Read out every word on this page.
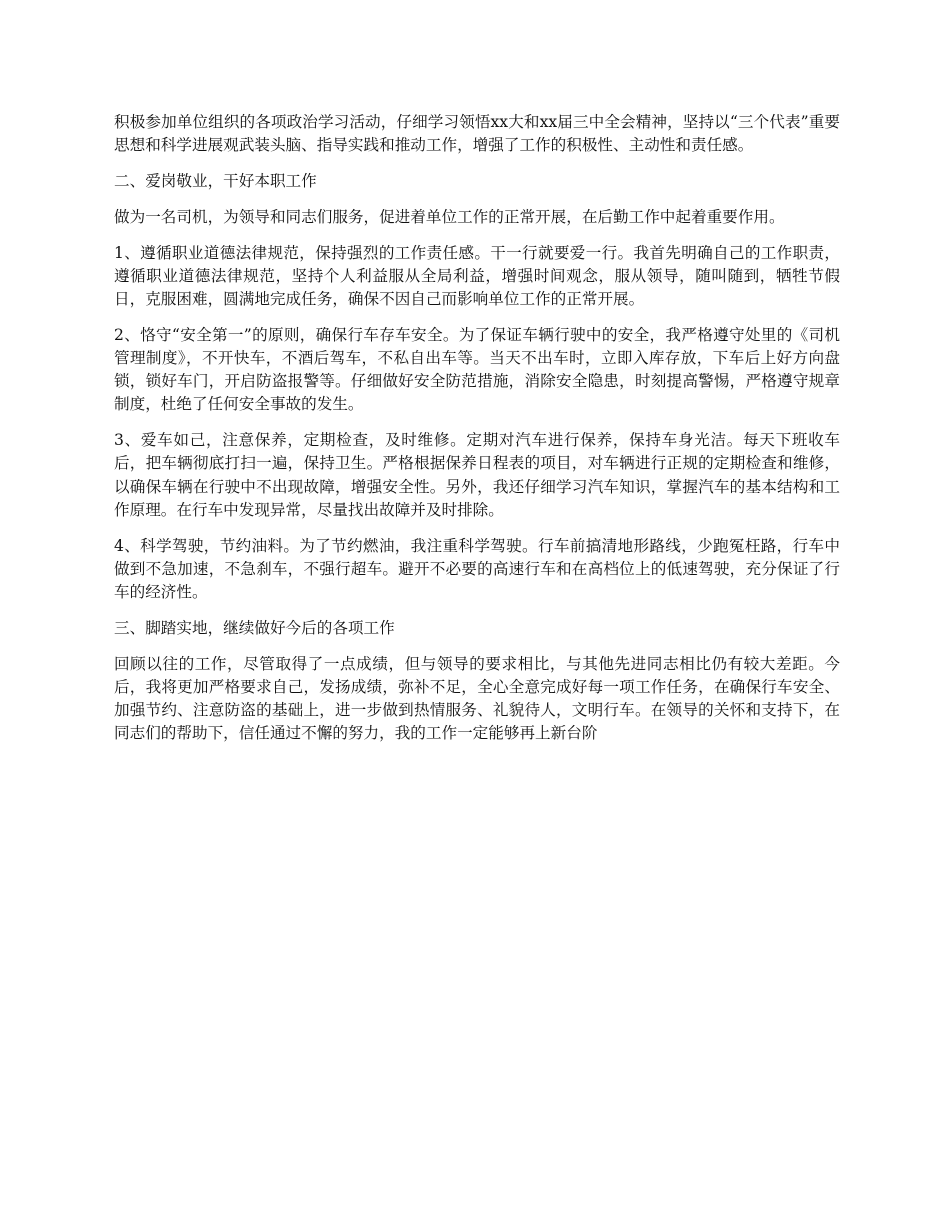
积极参加单位组织的各项政治学习活动，仔细学习领悟xx大和xx届三中全会精神，坚持以“三个代表”重要思想和科学进展观武装头脑、指导实践和推动工作，增强了工作的积极性、主动性和责任感。

二、爱岗敬业，干好本职工作

做为一名司机，为领导和同志们服务，促进着单位工作的正常开展，在后勤工作中起着重要作用。

1、遵循职业道德法律规范，保持强烈的工作责任感。干一行就要爱一行。我首先明确自己的工作职责，遵循职业道德法律规范，坚持个人利益服从全局利益，增强时间观念，服从领导，随叫随到，牺牲节假日，克服困难，圆满地完成任务，确保不因自己而影响单位工作的正常开展。

2、恪守“安全第一”的原则，确保行车存车安全。为了保证车辆行驶中的安全，我严格遵守处里的《司机管理制度》，不开快车，不酒后驾车，不私自出车等。当天不出车时，立即入库存放，下车后上好方向盘锁，锁好车门，开启防盗报警等。仔细做好安全防范措施，消除安全隐患，时刻提高警惕，严格遵守规章制度，杜绝了任何安全事故的发生。

3、爱车如己，注意保养，定期检查，及时维修。定期对汽车进行保养，保持车身光洁。每天下班收车后，把车辆彻底打扫一遍，保持卫生。严格根据保养日程表的项目，对车辆进行正规的定期检查和维修，以确保车辆在行驶中不出现故障，增强安全性。另外，我还仔细学习汽车知识，掌握汽车的基本结构和工作原理。在行车中发现异常，尽量找出故障并及时排除。

4、科学驾驶，节约油料。为了节约燃油，我注重科学驾驶。行车前搞清地形路线，少跑冤枉路，行车中做到不急加速，不急刹车，不强行超车。避开不必要的高速行车和在高档位上的低速驾驶，充分保证了行车的经济性。

三、脚踏实地，继续做好今后的各项工作

回顾以往的工作，尽管取得了一点成绩，但与领导的要求相比，与其他先进同志相比仍有较大差距。今后，我将更加严格要求自己，发扬成绩，弥补不足，全心全意完成好每一项工作任务，在确保行车安全、加强节约、注意防盗的基础上，进一步做到热情服务、礼貌待人，文明行车。在领导的关怀和支持下，在同志们的帮助下，信任通过不懈的努力，我的工作一定能够再上新台阶
